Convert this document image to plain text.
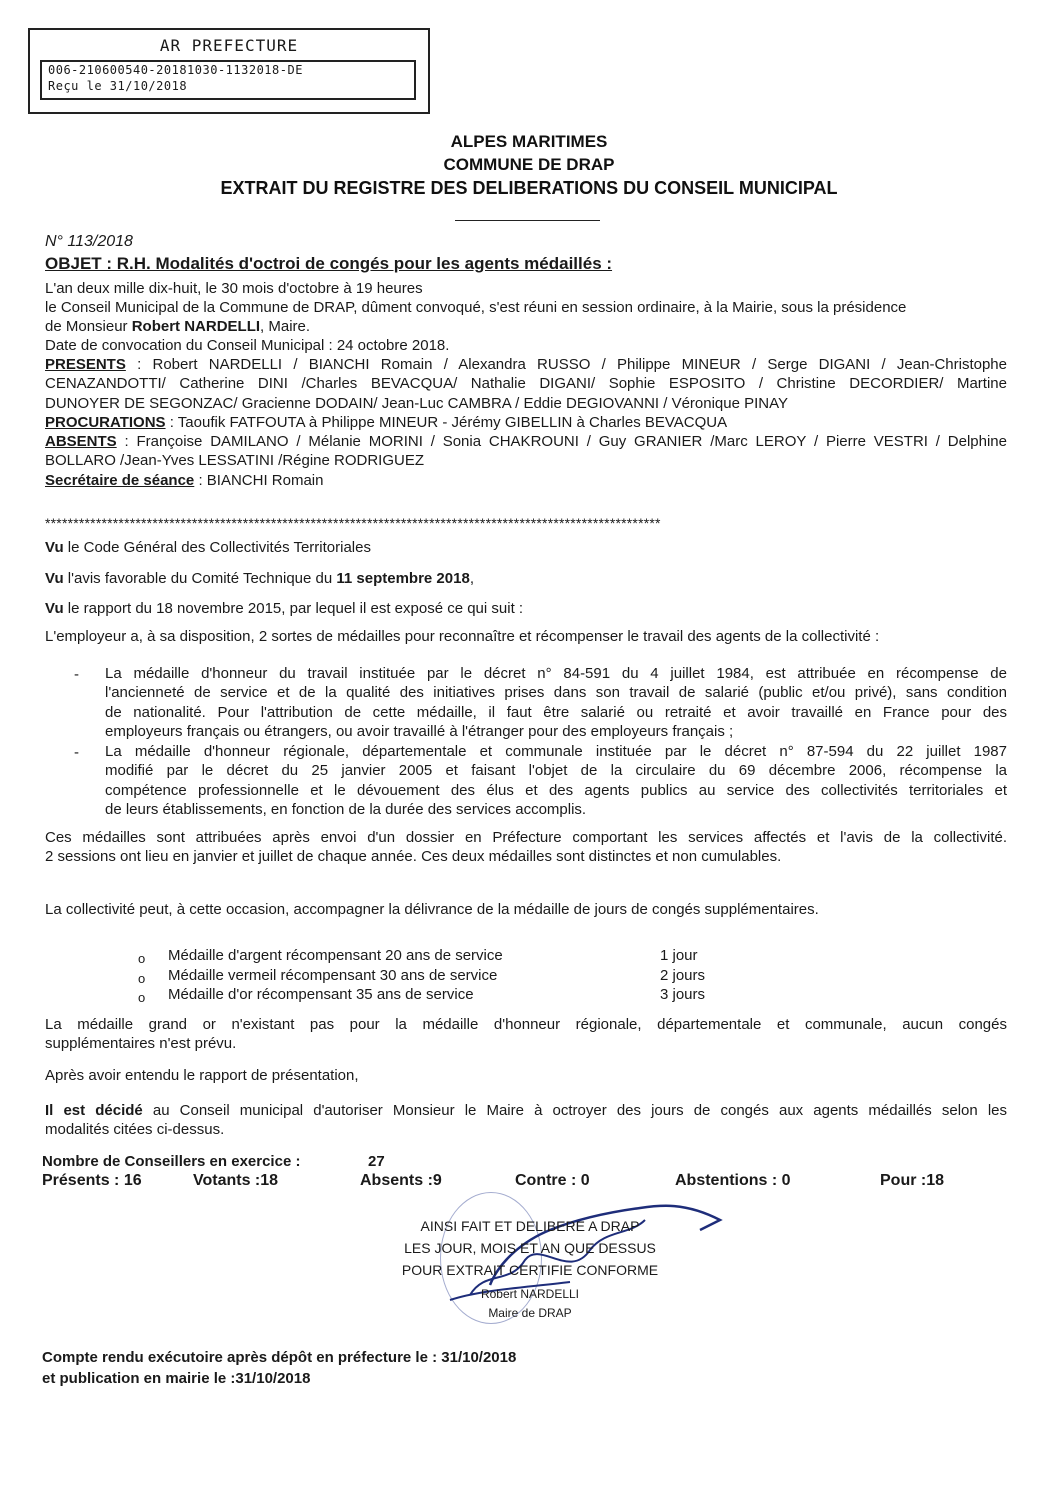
AR PREFECTURE
006-210600540-20181030-1132018-DE
Reçu le 31/10/2018
ALPES MARITIMES
COMMUNE DE DRAP
EXTRAIT DU REGISTRE DES DELIBERATIONS DU CONSEIL MUNICIPAL
N° 113/2018
OBJET : R.H. Modalités d'octroi de congés pour les agents médaillés :
L'an deux mille dix-huit, le 30 mois d'octobre à 19 heures
le Conseil Municipal de la Commune de DRAP, dûment convoqué, s'est réuni en session ordinaire, à la Mairie, sous la présidence
de Monsieur Robert NARDELLI, Maire.
Date de convocation du Conseil Municipal : 24 octobre 2018.
PRESENTS : Robert NARDELLI / BIANCHI Romain / Alexandra RUSSO / Philippe MINEUR / Serge DIGANI / Jean-Christophe
CENAZANDOTTI/ Catherine DINI /Charles BEVACQUA/ Nathalie DIGANI/ Sophie ESPOSITO / Christine DECORDIER/ Martine
DUNOYER DE SEGONZAC/ Gracienne DODAIN/ Jean-Luc CAMBRA / Eddie DEGIOVANNI / Véronique PINAY
PROCURATIONS : Taoufik FATFOUTA à Philippe MINEUR - Jérémy GIBELLIN à Charles BEVACQUA
ABSENTS : Françoise DAMILANO / Mélanie MORINI / Sonia CHAKROUNI / Guy GRANIER /Marc LEROY / Pierre VESTRI / Delphine
BOLLARO /Jean-Yves LESSATINI /Régine RODRIGUEZ
Secrétaire de séance : BIANCHI Romain
*************************************************************************************************************
Vu le Code Général des Collectivités Territoriales
Vu l'avis favorable du Comité Technique du 11 septembre 2018,
Vu le rapport du 18 novembre 2015, par lequel il est exposé ce qui suit :
L'employeur a, à sa disposition, 2 sortes de médailles pour reconnaître et récompenser le travail des agents de la collectivité :
- La médaille d'honneur du travail instituée par le décret n° 84-591 du 4 juillet 1984, est attribuée en récompense de
l'ancienneté de service et de la qualité des initiatives prises dans son travail de salarié (public et/ou privé), sans condition
de nationalité. Pour l'attribution de cette médaille, il faut être salarié ou retraité et avoir travaillé en France pour des
employeurs français ou étrangers, ou avoir travaillé à l'étranger pour des employeurs français ;
- La médaille d'honneur régionale, départementale et communale instituée par le décret n° 87-594 du 22 juillet 1987
modifié par le décret du 25 janvier 2005 et faisant l'objet de la circulaire du 69 décembre 2006, récompense la
compétence professionnelle et le dévouement des élus et des agents publics au service des collectivités territoriales et
de leurs établissements, en fonction de la durée des services accomplis.
Ces médailles sont attribuées après envoi d'un dossier en Préfecture comportant les services affectés et l'avis de la collectivité.
2 sessions ont lieu en janvier et juillet de chaque année. Ces deux médailles sont distinctes et non cumulables.
La collectivité peut, à cette occasion, accompagner la délivrance de la médaille de jours de congés supplémentaires.
o Médaille d'argent récompensant 20 ans de service	1 jour
o Médaille vermeil récompensant 30 ans de service	2 jours
o Médaille d'or récompensant 35 ans de service	3 jours
La médaille grand or n'existant pas pour la médaille d'honneur régionale, départementale et communale, aucun congés
supplémentaires n'est prévu.
Après avoir entendu le rapport de présentation,
Il est décidé au Conseil municipal d'autoriser Monsieur le Maire à octroyer des jours de congés aux agents médaillés selon les
modalités citées ci-dessus.
Nombre de Conseillers en exercice :	27
Présents : 16	Votants :18	Absents :9	Contre : 0	Abstentions : 0	Pour :18
AINSI FAIT ET DELIBERE A DRAP
LES JOUR, MOIS ET AN QUE DESSUS
POUR EXTRAIT CERTIFIE CONFORME
Robert NARDELLI
Maire de DRAP
Compte rendu exécutoire après dépôt en préfecture le : 31/10/2018
et publication en mairie le :31/10/2018
